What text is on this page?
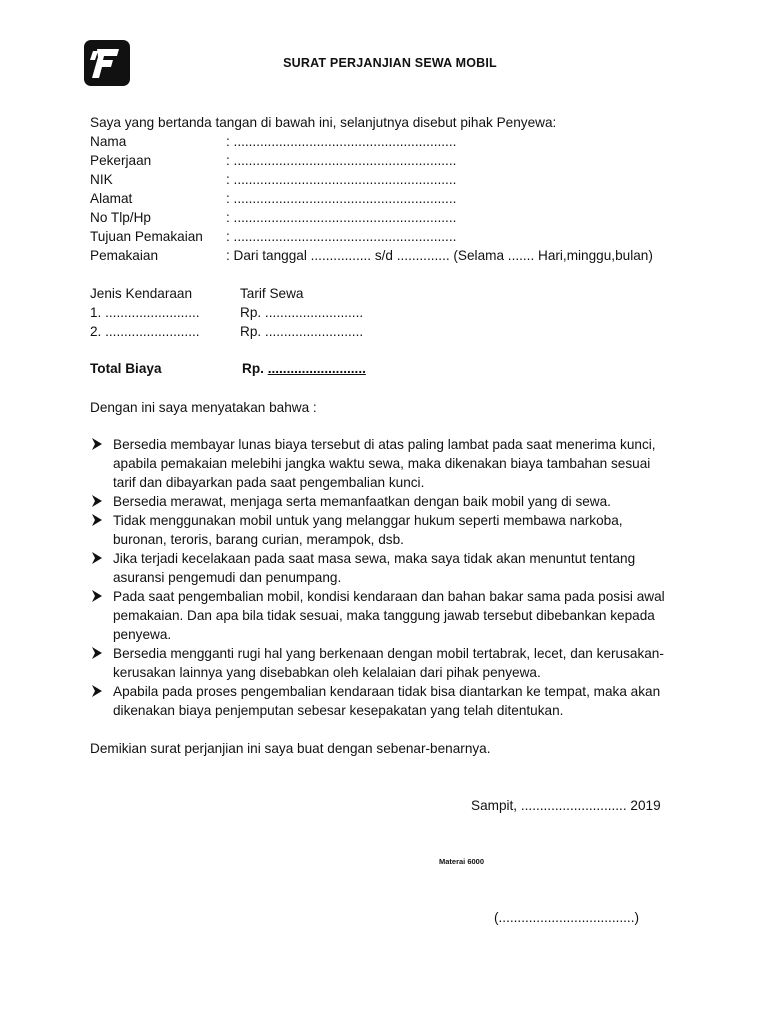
SURAT PERJANJIAN SEWA MOBIL
Saya yang bertanda tangan di bawah ini, selanjutnya disebut pihak Penyewa:
Nama	: ...........................................................
Pekerjaan	: ...........................................................
NIK	: ...........................................................
Alamat	: ...........................................................
No Tlp/Hp	: ...........................................................
Tujuan Pemakaian : ...........................................................
Pemakaian	: Dari tanggal ................ s/d .............. (Selama ....... Hari,minggu,bulan)
Jenis Kendaraan	Tarif Sewa
1. .........................	Rp. ..........................
2. .........................	Rp. ..........................
Total Biaya	Rp. ..........................
Dengan ini saya menyatakan bahwa :
Bersedia membayar lunas biaya tersebut di atas paling lambat pada saat menerima kunci,
apabila pemakaian melebihi jangka waktu sewa, maka dikenakan biaya tambahan sesuai
tarif dan dibayarkan pada saat pengembalian kunci.
Bersedia merawat, menjaga serta memanfaatkan dengan baik mobil yang di sewa.
Tidak menggunakan mobil untuk yang melanggar hukum seperti membawa narkoba,
buronan, teroris, barang curian, merampok, dsb.
Jika terjadi kecelakaan pada saat masa sewa, maka saya tidak akan menuntut tentang
asuransi pengemudi dan penumpang.
Pada saat pengembalian mobil, kondisi kendaraan dan bahan bakar sama pada posisi awal
pemakaian. Dan apa bila tidak sesuai, maka tanggung jawab tersebut dibebankan kepada
penyewa.
Bersedia mengganti rugi hal yang berkenaan dengan mobil tertabrak, lecet, dan kerusakan-
kerusakan lainnya yang disebabkan oleh kelalaian dari pihak penyewa.
Apabila pada proses pengembalian kendaraan tidak bisa diantarkan ke tempat, maka akan
dikenakan biaya penjemputan sebesar kesepakatan yang telah ditentukan.
Demikian surat perjanjian ini saya buat dengan sebenar-benarnya.
Sampit, ............................ 2019
Materai 6000
(....................................)
